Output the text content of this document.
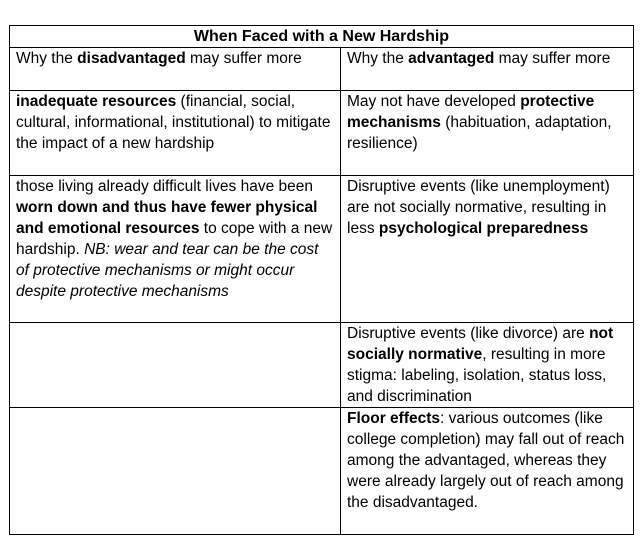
When Faced with a New Hardship	
Why the disadvantaged may suffer more	Why the advantaged may suffer more
inadequate resources (financial, social, cultural, informational, institutional) to mitigate the impact of a new hardship	May not have developed protective mechanisms (habituation, adaptation, resilience)
those living already difficult lives have been worn down and thus have fewer physical and emotional resources to cope with a new hardship. NB: wear and tear can be the cost of protective mechanisms or might occur despite protective mechanisms	Disruptive events (like unemployment) are not socially normative, resulting in less psychological preparedness
	Disruptive events (like divorce) are not socially normative, resulting in more stigma: labeling, isolation, status loss, and discrimination
	Floor effects: various outcomes (like college completion) may fall out of reach among the advantaged, whereas they were already largely out of reach among the disadvantaged.
